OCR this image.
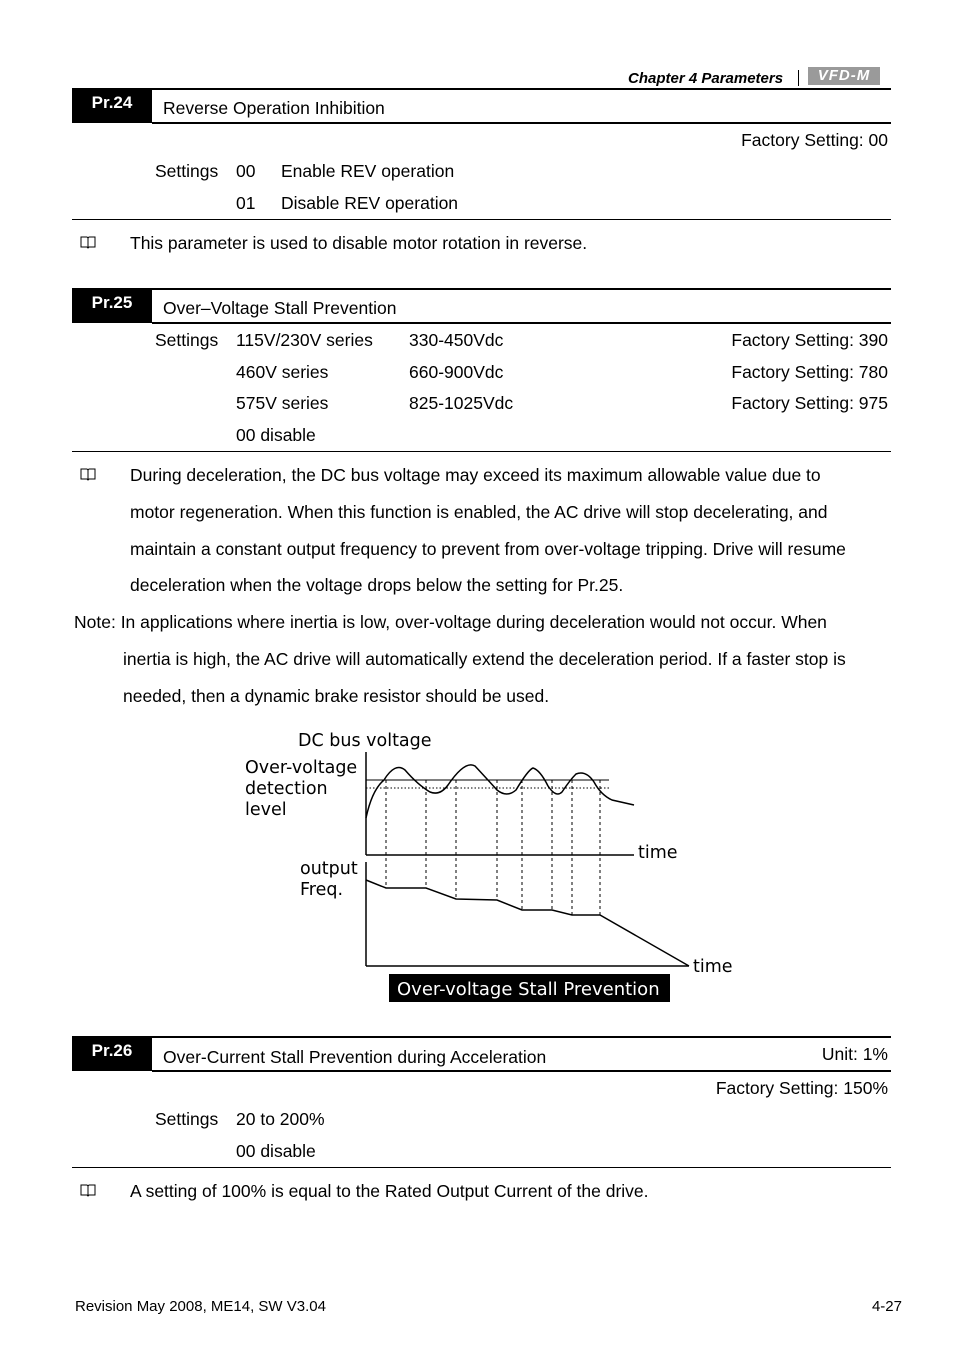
Chapter 4 Parameters	VFD-M
Pr.24	Reverse Operation Inhibition
Factory Setting: 00
Settings 00 Enable REV operation
01 Disable REV operation
This parameter is used to disable motor rotation in reverse.
Pr.25	Over–Voltage Stall Prevention
Settings 115V/230V series 330-450Vdc	Factory Setting: 390
460V series	660-900Vdc	Factory Setting: 780
575V series	825-1025Vdc	Factory Setting: 975
00 disable
During deceleration, the DC bus voltage may exceed its maximum allowable value due to
motor regeneration. When this function is enabled, the AC drive will stop decelerating, and
maintain a constant output frequency to prevent from over-voltage tripping. Drive will resume
deceleration when the voltage drops below the setting for Pr.25.
Note: In applications where inertia is low, over-voltage during deceleration would not occur. When
inertia is high, the AC drive will automatically extend the deceleration period. If a faster stop is
needed, then a dynamic brake resistor should be used.
DC bus voltage
Over-voltage
detection
level
time
output
Freq.
time
Over-voltage Stall Prevention
Pr.26	Over-Current Stall Prevention during Acceleration	Unit: 1%
Factory Setting: 150%
Settings 20 to 200%
00 disable
A setting of 100% is equal to the Rated Output Current of the drive.
Revision May 2008, ME14, SW V3.04	4-27
